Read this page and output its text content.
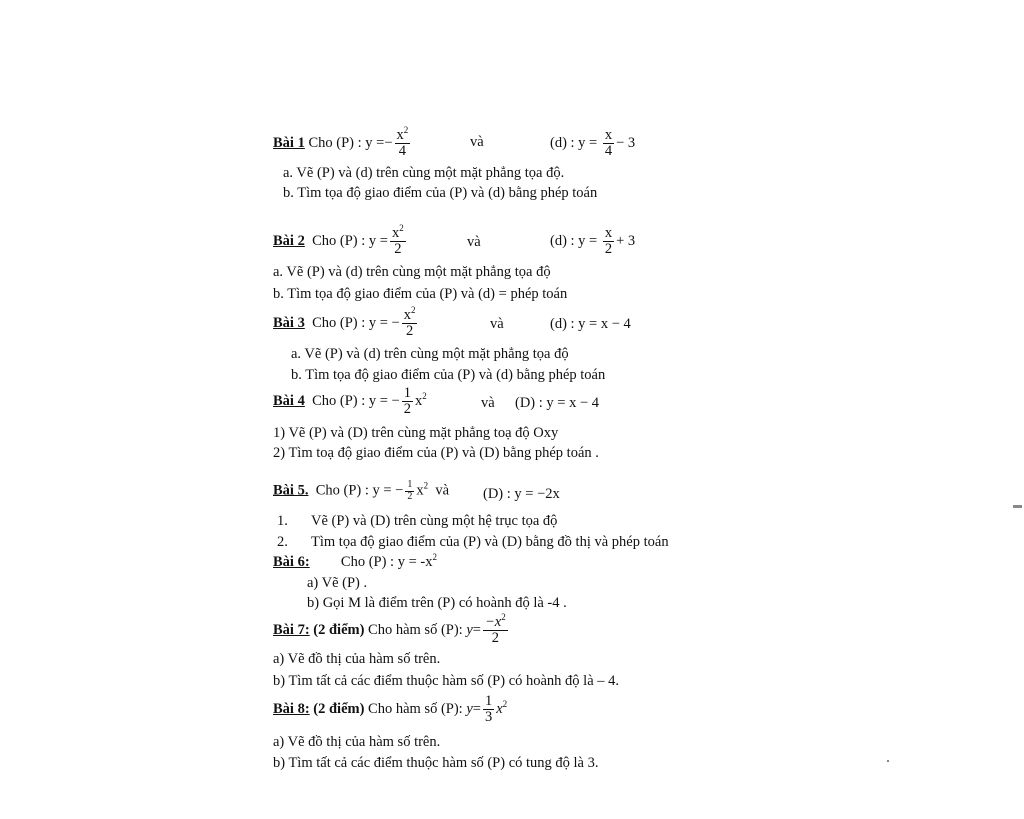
Bài 1 Cho (P) : $y =- \frac{x^2}{4}$	và	(d) : $y = \frac{x}{4} - 3$
a. Vẽ (P) và (d) trên cùng một mặt phẳng tọa độ.
b. Tìm tọa độ giao điểm của (P) và (d) bằng phép toán
Bài 2 Cho (P) : $y = \frac{x^2}{2}$	và	(d) : $y = \frac{x}{2} + 3$
a. Vẽ (P) và (d) trên cùng một mặt phẳng tọa độ
b. Tìm tọa độ giao điểm của (P) và (d) = phép toán
Bài 3 Cho (P) : y = − $\frac{x^2}{2}$	và	(d) : y = x − 4
a. Vẽ (P) và (d) trên cùng một mặt phẳng tọa độ
b. Tìm tọa độ giao điểm của (P) và (d) bằng phép toán
Bài 4 Cho (P) : y = − $\frac{1}{2} x^2$	và (D) : y = x − 4
1) Vẽ (P) và (D) trên cùng mặt phẳng toạ độ Oxy
2) Tìm toạ độ giao điểm của (P) và (D) bằng phép toán .
Bài 5. Cho (P) : y = − $\frac{1}{2} x^2$ và (D) : y = −2x
1. Vẽ (P) và (D) trên cùng một hệ trục tọa độ
2. Tìm tọa độ giao điểm của (P) và (D) bằng đồ thị và phép toán
Bài 6: Cho (P) : $y = -x^2$
a) Vẽ (P) .
b) Gọi M là điểm trên (P) có hoành độ là -4 .
Bài 7: (2 điểm) Cho hàm số (P): $y= \frac{-x^2}{2}$
a) Vẽ đồ thị của hàm số trên.
b) Tìm tất cả các điểm thuộc hàm số (P) có hoành độ là – 4.
Bài 8: (2 điểm) Cho hàm số (P): $y= \frac{1}{3} x^2$
a) Vẽ đồ thị của hàm số trên.
b) Tìm tất cả các điểm thuộc hàm số (P) có tung độ là 3.
